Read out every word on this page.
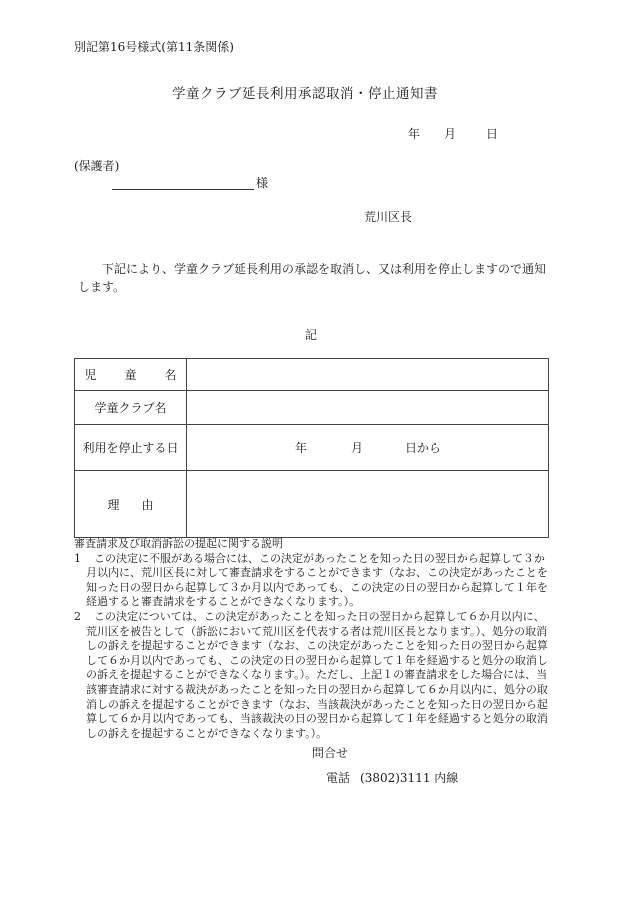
別記第16号様式(第11条関係)
学童クラブ延長利用承認取消・停止通知書
年 月 日
(保護者)
様
荒川区長
下記により、学童クラブ延長利用の承認を取消し、又は利用を停止しますので通知します。
記
児　童　名	
学童クラブ名	
利用を停止する日	年 月 日から
理　由	

審査請求及び取消訴訟の提起に関する説明

1 この決定に不服がある場合には、この決定があったことを知った日の翌日から起算して３か月以内に、荒川区長に対して審査請求をすることができます（なお、この決定があったことを知った日の翌日から起算して３か月以内であっても、この決定の日の翌日から起算して１年を経過すると審査請求をすることができなくなります。）。

2 この決定については、この決定があったことを知った日の翌日から起算して６か月以内に、荒川区を被告として（訴訟において荒川区を代表する者は荒川区長となります。）、処分の取消しの訴えを提起することができます（なお、この決定があったことを知った日の翌日から起算して６か月以内であっても、この決定の日の翌日から起算して１年を経過すると処分の取消しの訴えを提起することができなくなります。）。ただし、上記１の審査請求をした場合には、当該審査請求に対する裁決があったことを知った日の翌日から起算して６か月以内に、処分の取消しの訴えを提起することができます（なお、当該裁決があったことを知った日の翌日から起算して６か月以内であっても、当該裁決の日の翌日から起算して１年を経過すると処分の取消しの訴えを提起することができなくなります。）。

問合せ
電話 (3802)3111 内線
